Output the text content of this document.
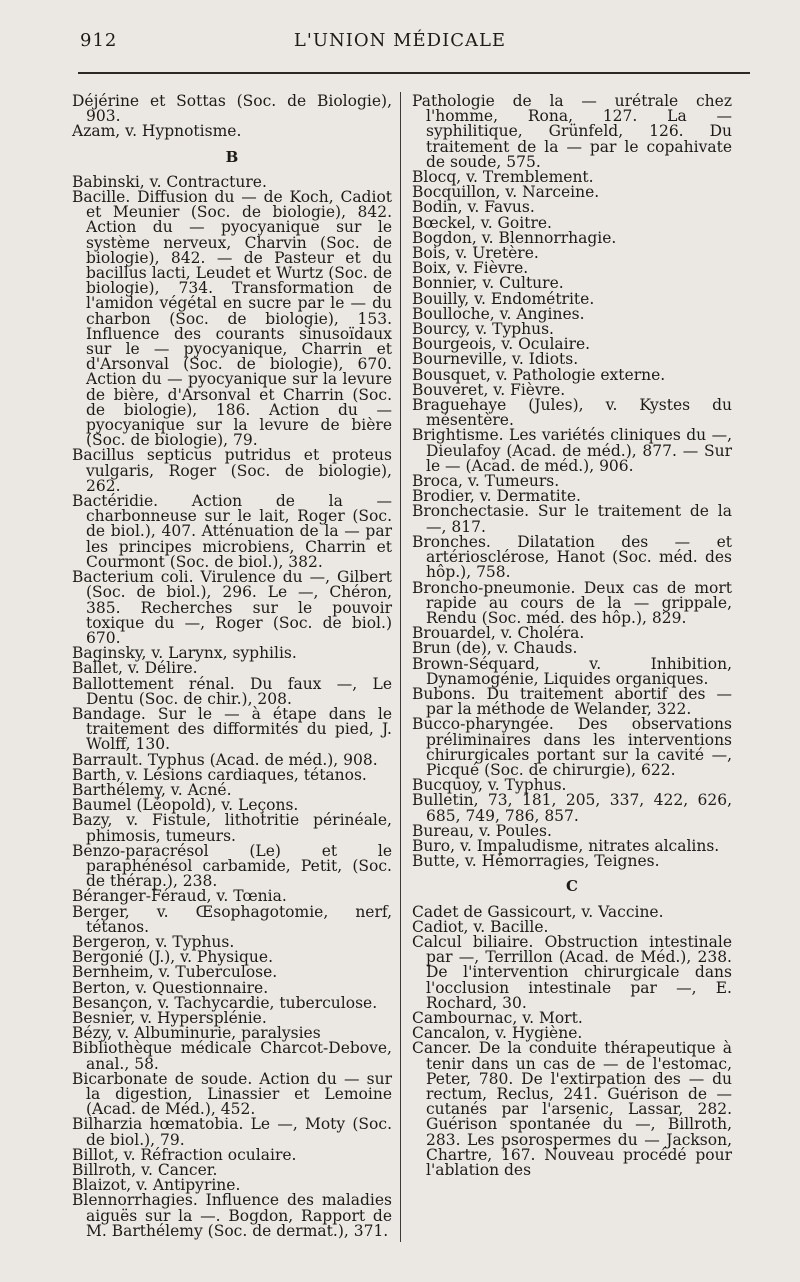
912	L'UNION MÉDICALE

Déjérine et Sottas (Soc. de Biologie), 903.

Azam, v. Hypnotisme.

B

Babinski, v. Contracture.

Bacille. Diffusion du — de Koch, Cadiot et Meunier (Soc. de biologie), 842. Action du — pyocyanique sur le système nerveux, Charvin (Soc. de biologie), 842. — de Pasteur et du bacillus lacti, Leudet et Wurtz (Soc. de biologie), 734. Transformation de l'amidon végétal en sucre par le — du charbon (Soc. de biologie), 153. Influence des courants sinusoïdaux sur le — pyocyanique, Charrin et d'Arsonval (Soc. de biologie), 670. Action du — pyocyanique sur la levure de bière, d'Arsonval et Charrin (Soc. de biologie), 186. Action du — pyocyanique sur la levure de bière (Soc. de biologie), 79.

Bacillus septicus putridus et proteus vulgaris, Roger (Soc. de biologie), 262.

Bactéridie. Action de la — charbonneuse sur le lait, Roger (Soc. de biol.), 407. Atténuation de la — par les principes microbiens, Charrin et Courmont (Soc. de biol.), 382.

Bacterium coli. Virulence du —, Gilbert (Soc. de biol.), 296. Le —, Chéron, 385. Recherches sur le pouvoir toxique du —, Roger (Soc. de biol.) 670.

Baginsky, v. Larynx, syphilis.

Ballet, v. Délire.

Ballottement rénal. Du faux —, Le Dentu (Soc. de chir.), 208.

Bandage. Sur le — à étape dans le traitement des difformités du pied, J. Wolff, 130.

Barrault. Typhus (Acad. de méd.), 908.

Barth, v. Lésions cardiaques, tétanos.

Barthélemy, v. Acné.

Baumel (Léopold), v. Leçons.

Bazy, v. Fistule, lithotritie périnéale, phimosis, tumeurs.

Benzo-paracrésol (Le) et le paraphénésol carbamide, Petit, (Soc. de thérap.), 238.

Béranger-Féraud, v. Tœnia.

Berger, v. Œsophagotomie, nerf, tétanos.

Bergeron, v. Typhus.

Bergonié (J.), v. Physique.

Bernheim, v. Tuberculose.

Berton, v. Questionnaire.

Besançon, v. Tachycardie, tuberculose.

Besnier, v. Hypersplénie.

Bézy, v. Albuminurie, paralysies

Bibliothèque médicale Charcot-Debove, anal., 58.

Bicarbonate de soude. Action du — sur la digestion, Linassier et Lemoine (Acad. de Méd.), 452.

Bilharzia hœmatobia. Le —, Moty (Soc. de biol.), 79.

Billot, v. Réfraction oculaire.

Billroth, v. Cancer.

Blaizot, v. Antipyrine.

Blennorrhagies. Influence des maladies aiguës sur la —. Bogdon, Rapport de M. Barthélemy (Soc. de dermat.), 371.

Pathologie de la — urétrale chez l'homme, Rona, 127. La — syphilitique, Grünfeld, 126. Du traitement de la — par le copahivate de soude, 575.

Blocq, v. Tremblement.

Bocquillon, v. Narceine.

Bodin, v. Favus.

Bœckel, v. Goitre.

Bogdon, v. Blennorrhagie.

Bois, v. Uretère.

Boix, v. Fièvre.

Bonnier, v. Culture.

Bouilly, v. Endométrite.

Boulloche, v. Angines.

Bourcy, v. Typhus.

Bourgeois, v. Oculaire.

Bourneville, v. Idiots.

Bousquet, v. Pathologie externe.

Bouveret, v. Fièvre.

Braguehaye (Jules), v. Kystes du mésentère.

Brightisme. Les variétés cliniques du —, Dieulafoy (Acad. de méd.), 877. — Sur le — (Acad. de méd.), 906.

Broca, v. Tumeurs.

Brodier, v. Dermatite.

Bronchectasie. Sur le traitement de la —, 817.

Bronches. Dilatation des — et artériosclérose, Hanot (Soc. méd. des hôp.), 758.

Broncho-pneumonie. Deux cas de mort rapide au cours de la — grippale, Rendu (Soc. méd. des hôp.), 829.

Brouardel, v. Choléra.

Brun (de), v. Chauds.

Brown-Séquard, v. Inhibition, Dynamogénie, Liquides organiques.

Bubons. Du traitement abortif des — par la méthode de Welander, 322.

Bucco-pharyngée. Des observations préliminaires dans les interventions chirurgicales portant sur la cavité —, Picqué (Soc. de chirurgie), 622.

Bucquoy, v. Typhus.

Bulletin, 73, 181, 205, 337, 422, 626, 685, 749, 786, 857.

Bureau, v. Poules.

Buro, v. Impaludisme, nitrates alcalins.

Butte, v. Hémorragies, Teignes.

C

Cadet de Gassicourt, v. Vaccine.

Cadiot, v. Bacille.

Calcul biliaire. Obstruction intestinale par —, Terrillon (Acad. de Méd.), 238. De l'intervention chirurgicale dans l'occlusion intestinale par —, E. Rochard, 30.

Cambournac, v. Mort.

Cancalon, v. Hygiène.

Cancer. De la conduite thérapeutique à tenir dans un cas de — de l'estomac, Peter, 780. De l'extirpation des — du rectum, Reclus, 241. Guérison de — cutanés par l'arsenic, Lassar, 282. Guérison spontanée du —, Billroth, 283. Les psorospermes du — Jackson, Chartre, 167. Nouveau procédé pour l'ablation des
